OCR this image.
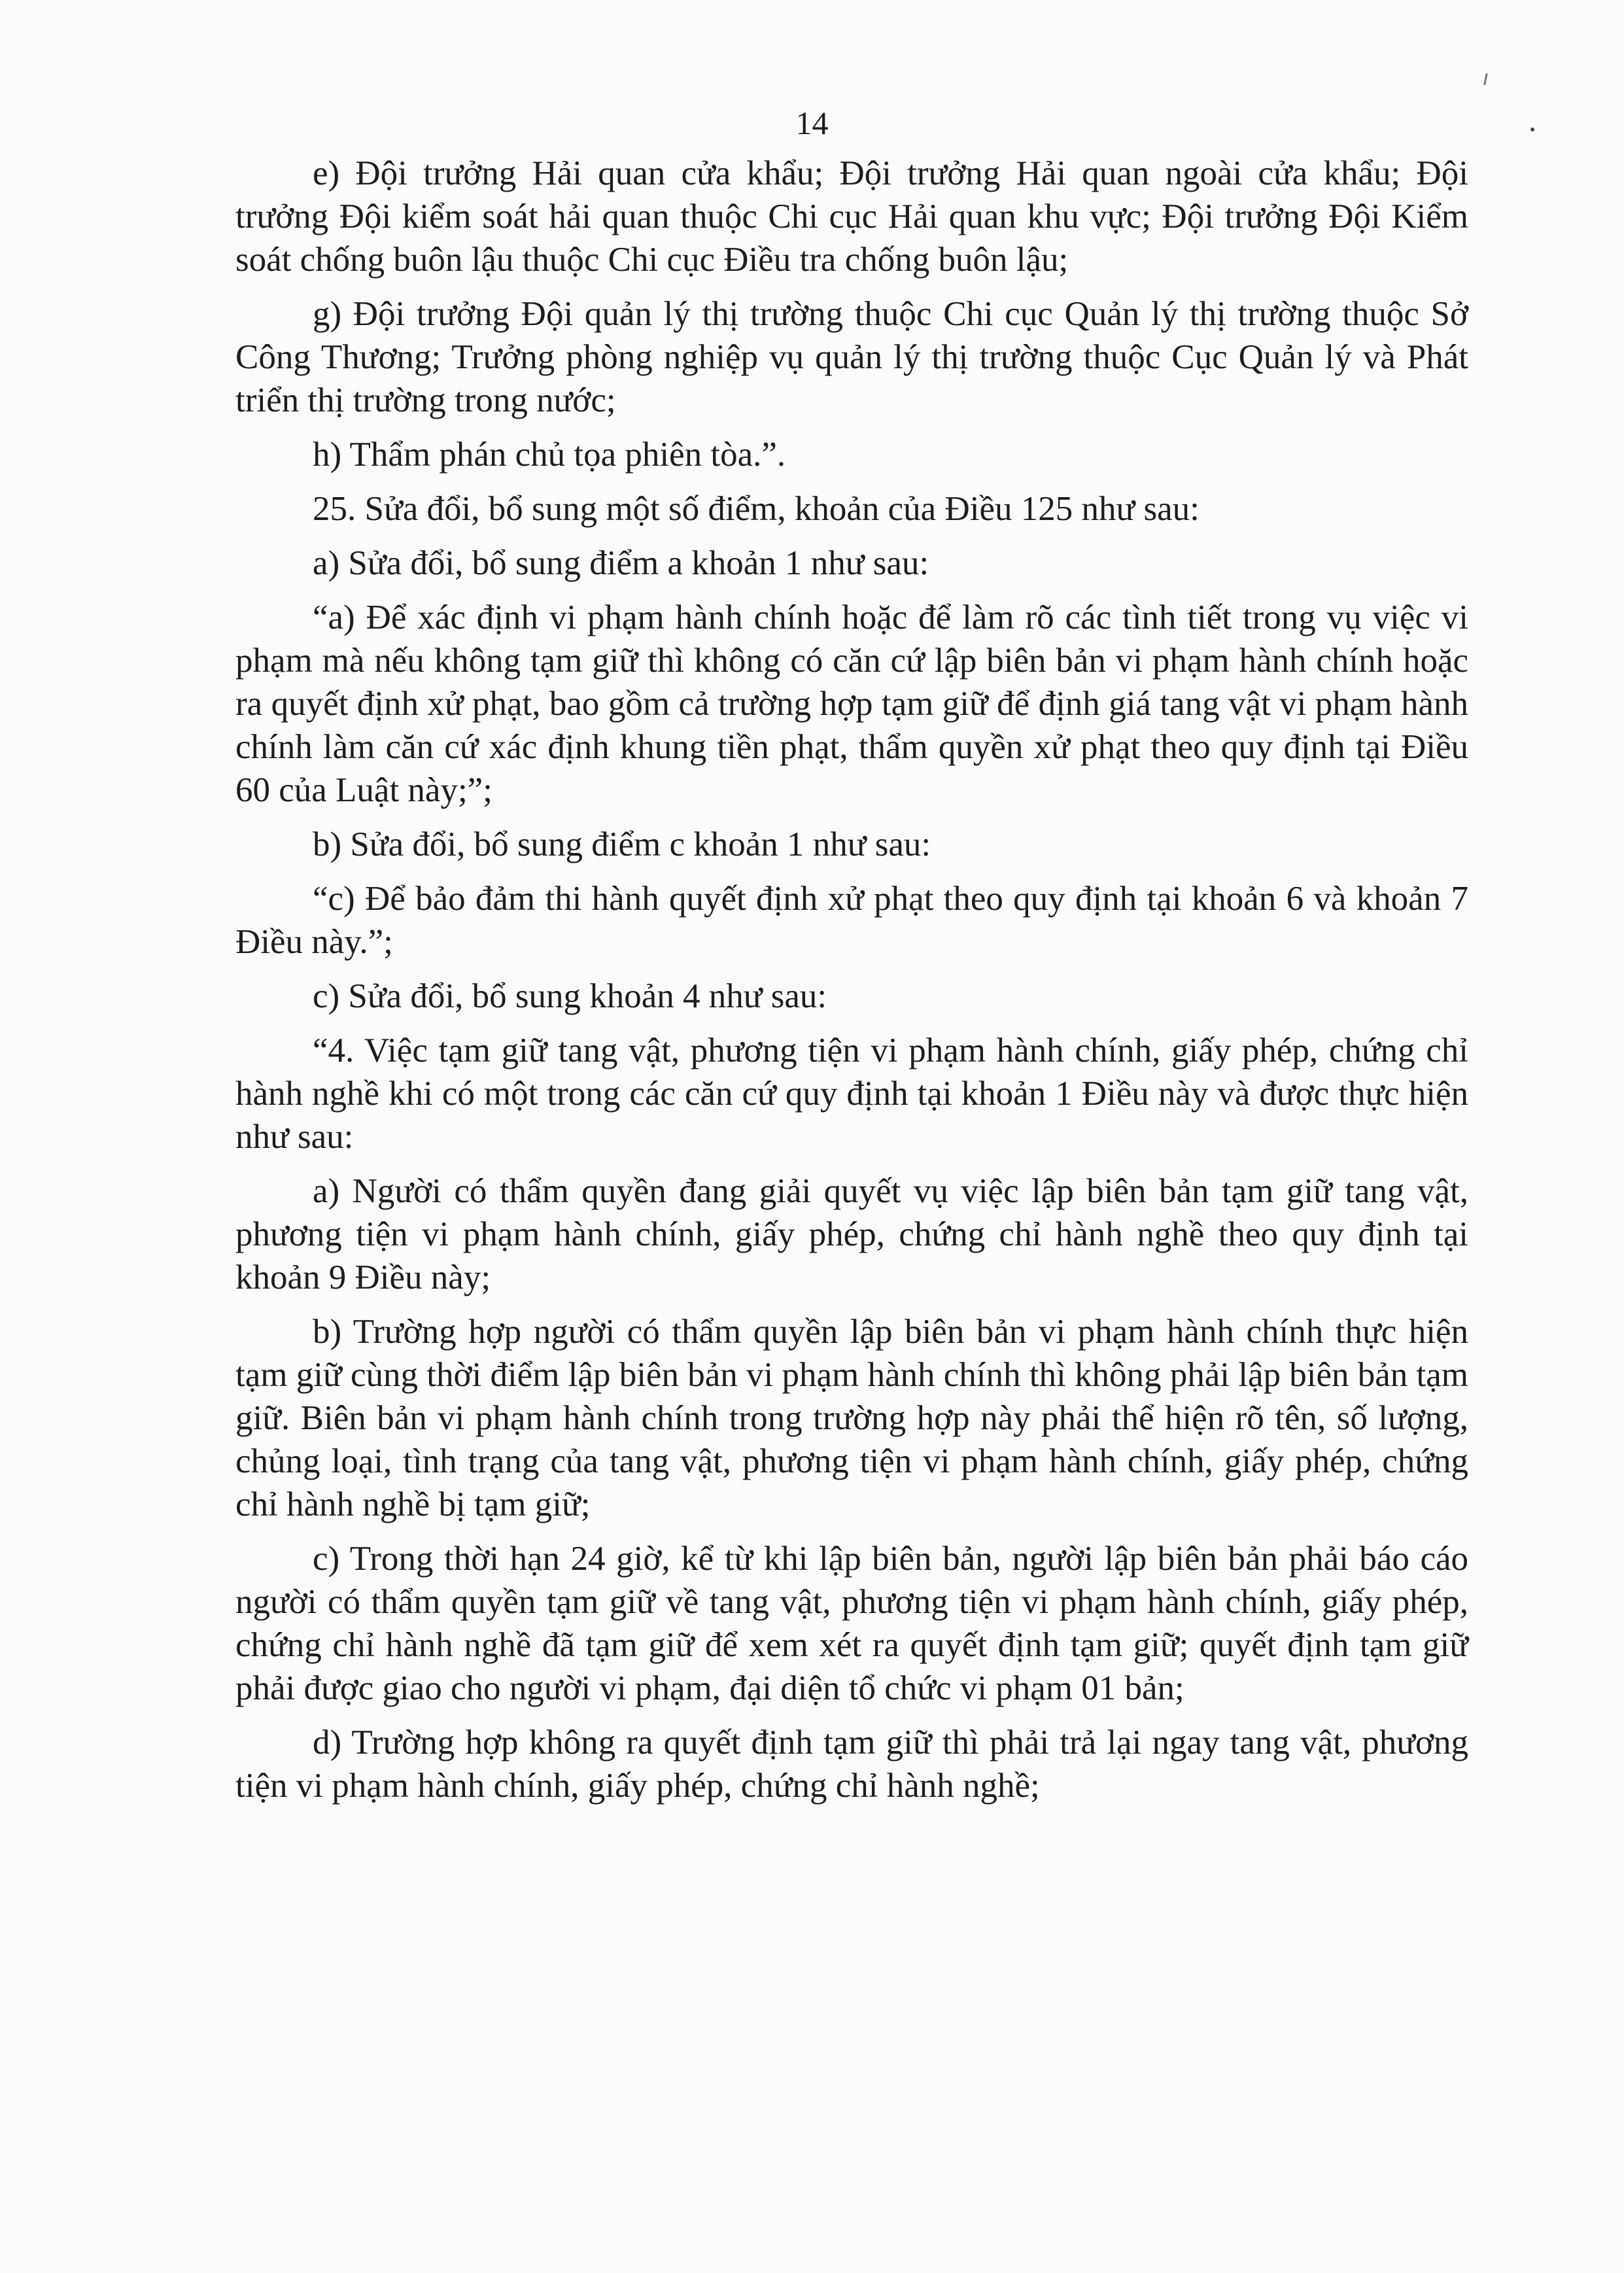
14

e) Đội trưởng Hải quan cửa khẩu; Đội trưởng Hải quan ngoài cửa khẩu; Đội trưởng Đội kiểm soát hải quan thuộc Chi cục Hải quan khu vực; Đội trưởng Đội Kiểm soát chống buôn lậu thuộc Chi cục Điều tra chống buôn lậu;

g) Đội trưởng Đội quản lý thị trường thuộc Chi cục Quản lý thị trường thuộc Sở Công Thương; Trưởng phòng nghiệp vụ quản lý thị trường thuộc Cục Quản lý và Phát triển thị trường trong nước;

h) Thẩm phán chủ tọa phiên tòa.”.

25. Sửa đổi, bổ sung một số điểm, khoản của Điều 125 như sau:

a) Sửa đổi, bổ sung điểm a khoản 1 như sau:

“a) Để xác định vi phạm hành chính hoặc để làm rõ các tình tiết trong vụ việc vi phạm mà nếu không tạm giữ thì không có căn cứ lập biên bản vi phạm hành chính hoặc ra quyết định xử phạt, bao gồm cả trường hợp tạm giữ để định giá tang vật vi phạm hành chính làm căn cứ xác định khung tiền phạt, thẩm quyền xử phạt theo quy định tại Điều 60 của Luật này;”;

b) Sửa đổi, bổ sung điểm c khoản 1 như sau:

“c) Để bảo đảm thi hành quyết định xử phạt theo quy định tại khoản 6 và khoản 7 Điều này.”;

c) Sửa đổi, bổ sung khoản 4 như sau:

“4. Việc tạm giữ tang vật, phương tiện vi phạm hành chính, giấy phép, chứng chỉ hành nghề khi có một trong các căn cứ quy định tại khoản 1 Điều này và được thực hiện như sau:

a) Người có thẩm quyền đang giải quyết vụ việc lập biên bản tạm giữ tang vật, phương tiện vi phạm hành chính, giấy phép, chứng chỉ hành nghề theo quy định tại khoản 9 Điều này;

b) Trường hợp người có thẩm quyền lập biên bản vi phạm hành chính thực hiện tạm giữ cùng thời điểm lập biên bản vi phạm hành chính thì không phải lập biên bản tạm giữ. Biên bản vi phạm hành chính trong trường hợp này phải thể hiện rõ tên, số lượng, chủng loại, tình trạng của tang vật, phương tiện vi phạm hành chính, giấy phép, chứng chỉ hành nghề bị tạm giữ;

c) Trong thời hạn 24 giờ, kể từ khi lập biên bản, người lập biên bản phải báo cáo người có thẩm quyền tạm giữ về tang vật, phương tiện vi phạm hành chính, giấy phép, chứng chỉ hành nghề đã tạm giữ để xem xét ra quyết định tạm giữ; quyết định tạm giữ phải được giao cho người vi phạm, đại diện tổ chức vi phạm 01 bản;

d) Trường hợp không ra quyết định tạm giữ thì phải trả lại ngay tang vật, phương tiện vi phạm hành chính, giấy phép, chứng chỉ hành nghề;
